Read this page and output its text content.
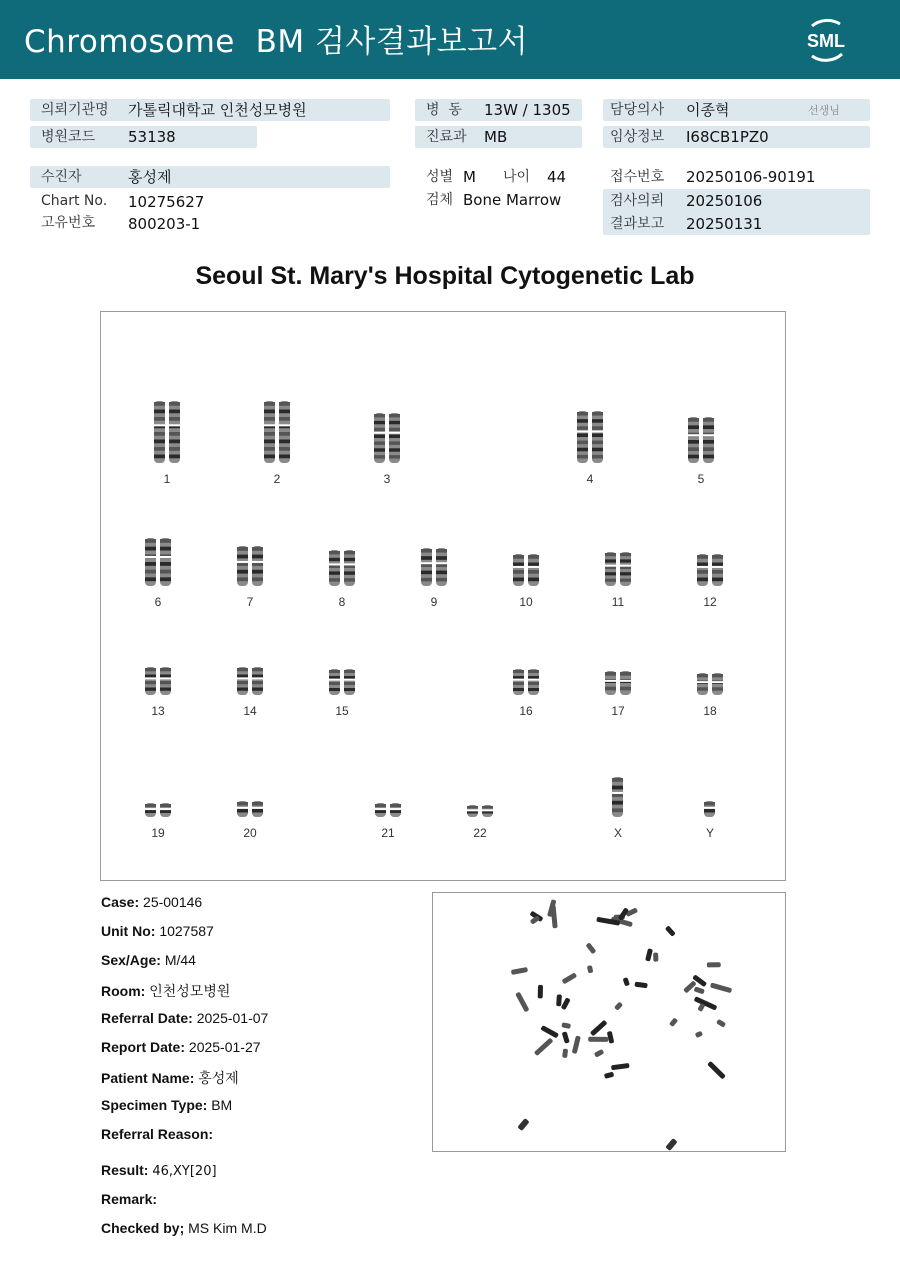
Chromosome  BM 검사결과보고서	SML
의뢰기관명 가톨릭대학교 인천성모병원
병원코드 53138
병  동 13W / 1305
진료과 MB
담당의사 이종혁	선생님
임상정보 I68CB1PZ0
수진자	홍성제
Chart No. 10275627
고유번호 800203-1
성별 M 나이 44
검체 Bone Marrow
접수번호 20250106-90191
검사의뢰 20250106
결과보고 20250131
Seoul St. Mary's Hospital Cytogenetic Lab
1	2	3	4	5
6	7	8	9	10	11	12
13	14	15	16	17	18
19	20	21	22	X	Y
Case: 25-00146
Unit No: 1027587
Sex/Age: M/44
Room: 인천성모병원
Referral Date: 2025-01-07
Report Date: 2025-01-27
Patient Name: 홍성제
Specimen Type: BM
Referral Reason:
Result: 46,XY[20]
Remark:
Checked by; MS Kim M.D
